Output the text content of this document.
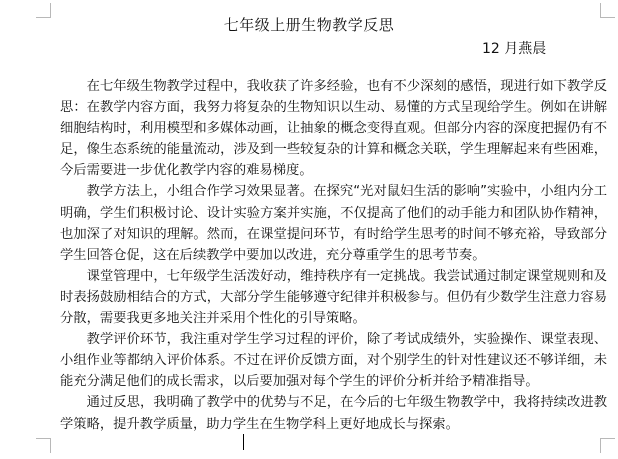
七年级上册生物教学反思
12 月燕晨

在七年级生物教学过程中，我收获了许多经验，也有不少深刻的感悟，现进行如下教学反思：在教学内容方面，我努力将复杂的生物知识以生动、易懂的方式呈现给学生。例如在讲解细胞结构时，利用模型和多媒体动画，让抽象的概念变得直观。但部分内容的深度把握仍有不足，像生态系统的能量流动，涉及到一些较复杂的计算和概念关联，学生理解起来有些困难，今后需要进一步优化教学内容的难易梯度。

教学方法上，小组合作学习效果显著。在探究“光对鼠妇生活的影响”实验中，小组内分工明确，学生们积极讨论、设计实验方案并实施，不仅提高了他们的动手能力和团队协作精神，也加深了对知识的理解。然而，在课堂提问环节，有时给学生思考的时间不够充裕，导致部分学生回答仓促，这在后续教学中要加以改进，充分尊重学生的思考节奏。

课堂管理中，七年级学生活泼好动，维持秩序有一定挑战。我尝试通过制定课堂规则和及时表扬鼓励相结合的方式，大部分学生能够遵守纪律并积极参与。但仍有少数学生注意力容易分散，需要我更多地关注并采用个性化的引导策略。

教学评价环节，我注重对学生学习过程的评价，除了考试成绩外，实验操作、课堂表现、小组作业等都纳入评价体系。不过在评价反馈方面，对个别学生的针对性建议还不够详细，未能充分满足他们的成长需求，以后要加强对每个学生的评价分析并给予精准指导。

通过反思，我明确了教学中的优势与不足，在今后的七年级生物教学中，我将持续改进教学策略，提升教学质量，助力学生在生物学科上更好地成长与探索。
